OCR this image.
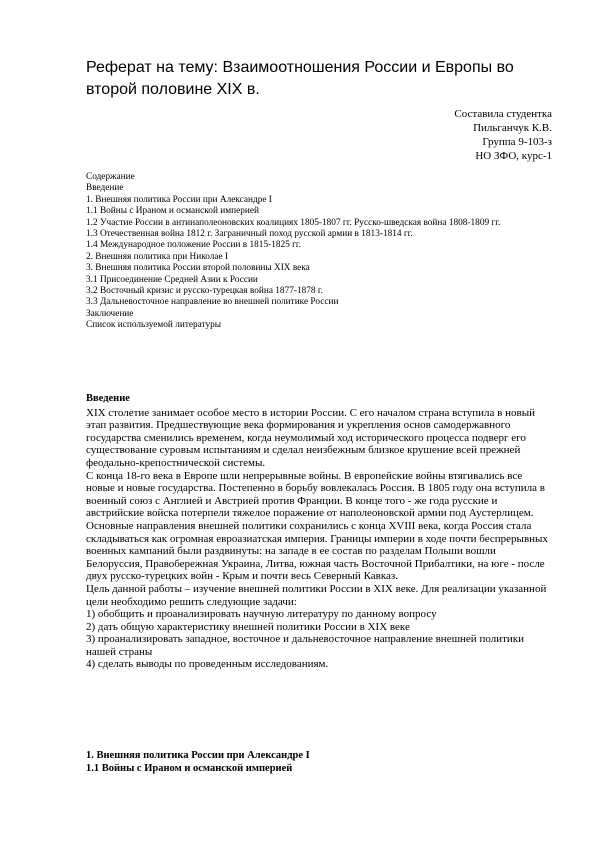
Реферат на тему: Взаимоотношения России и Европы во второй половине XIX в.
Составила студентка
Пильганчук К.В.
Группа 9-103-з
НО ЗФО, курс-1
Содержание
Введение
1. Внешняя политика России при Александре I
1.1 Войны с Ираном и османской империей
1.2 Участие России в антинаполеоновских коалициях 1805-1807 гг. Русско-шведская война 1808-1809 гг.
1.3 Отечественная война 1812 г. Заграничный поход русской армии в 1813-1814 гг.
1.4 Международное положение России в 1815-1825 гг.
2. Внешняя политика при Николае I
3. Внешняя политика России второй половины XIX века
3.1 Присоединение Средней Азии к России
3.2 Восточный кризис и русско-турецкая война 1877-1878 г.
3.3 Дальневосточное направление во внешней политике России
Заключение
Список используемой литературы
Введение

XIX столетие занимает особое место в истории России. С его началом страна вступила в новый этап развития. Предшествующие века формирования и укрепления основ самодержавного государства сменились временем, когда неумолимый ход исторического процесса подверг его существование суровым испытаниям и сделал неизбежным близкое крушение всей прежней феодально-крепостнической системы.

С конца 18-го века в Европе шли непрерывные войны. В европейские войны втягивались все новые и новые государства. Постепенно в борьбу вовлекалась Россия. В 1805 году она вступила в военный союз с Англией и Австрией против Франции. В конце того - же года русские и австрийские войска потерпели тяжелое поражение от наполеоновской армии под Аустерлицем.

Основные направления внешней политики сохранились с конца XVIII века, когда Россия стала складываться как огромная евроазиатская империя. Границы империи в ходе почти беспрерывных военных кампаний были раздвинуты: на западе в ее состав по разделам Польши вошли Белоруссия, Правобережная Украина, Литва, южная часть Восточной Прибалтики, на юге - после двух русско-турецких войн - Крым и почти весь Северный Кавказ.

Цель данной работы – изучение внешней политики России в XIX веке. Для реализации указанной цели необходимо решить следующие задачи:

1) обобщить и проанализировать научную литературу по данному вопросу

2) дать общую характеристику внешней политики России в XIX веке

3) проанализировать западное, восточное и дальневосточное направление внешней политики нашей страны

4) сделать выводы по проведенным исследованиям.

1. Внешняя политика России при Александре I
1.1 Войны с Ираном и османской империей
